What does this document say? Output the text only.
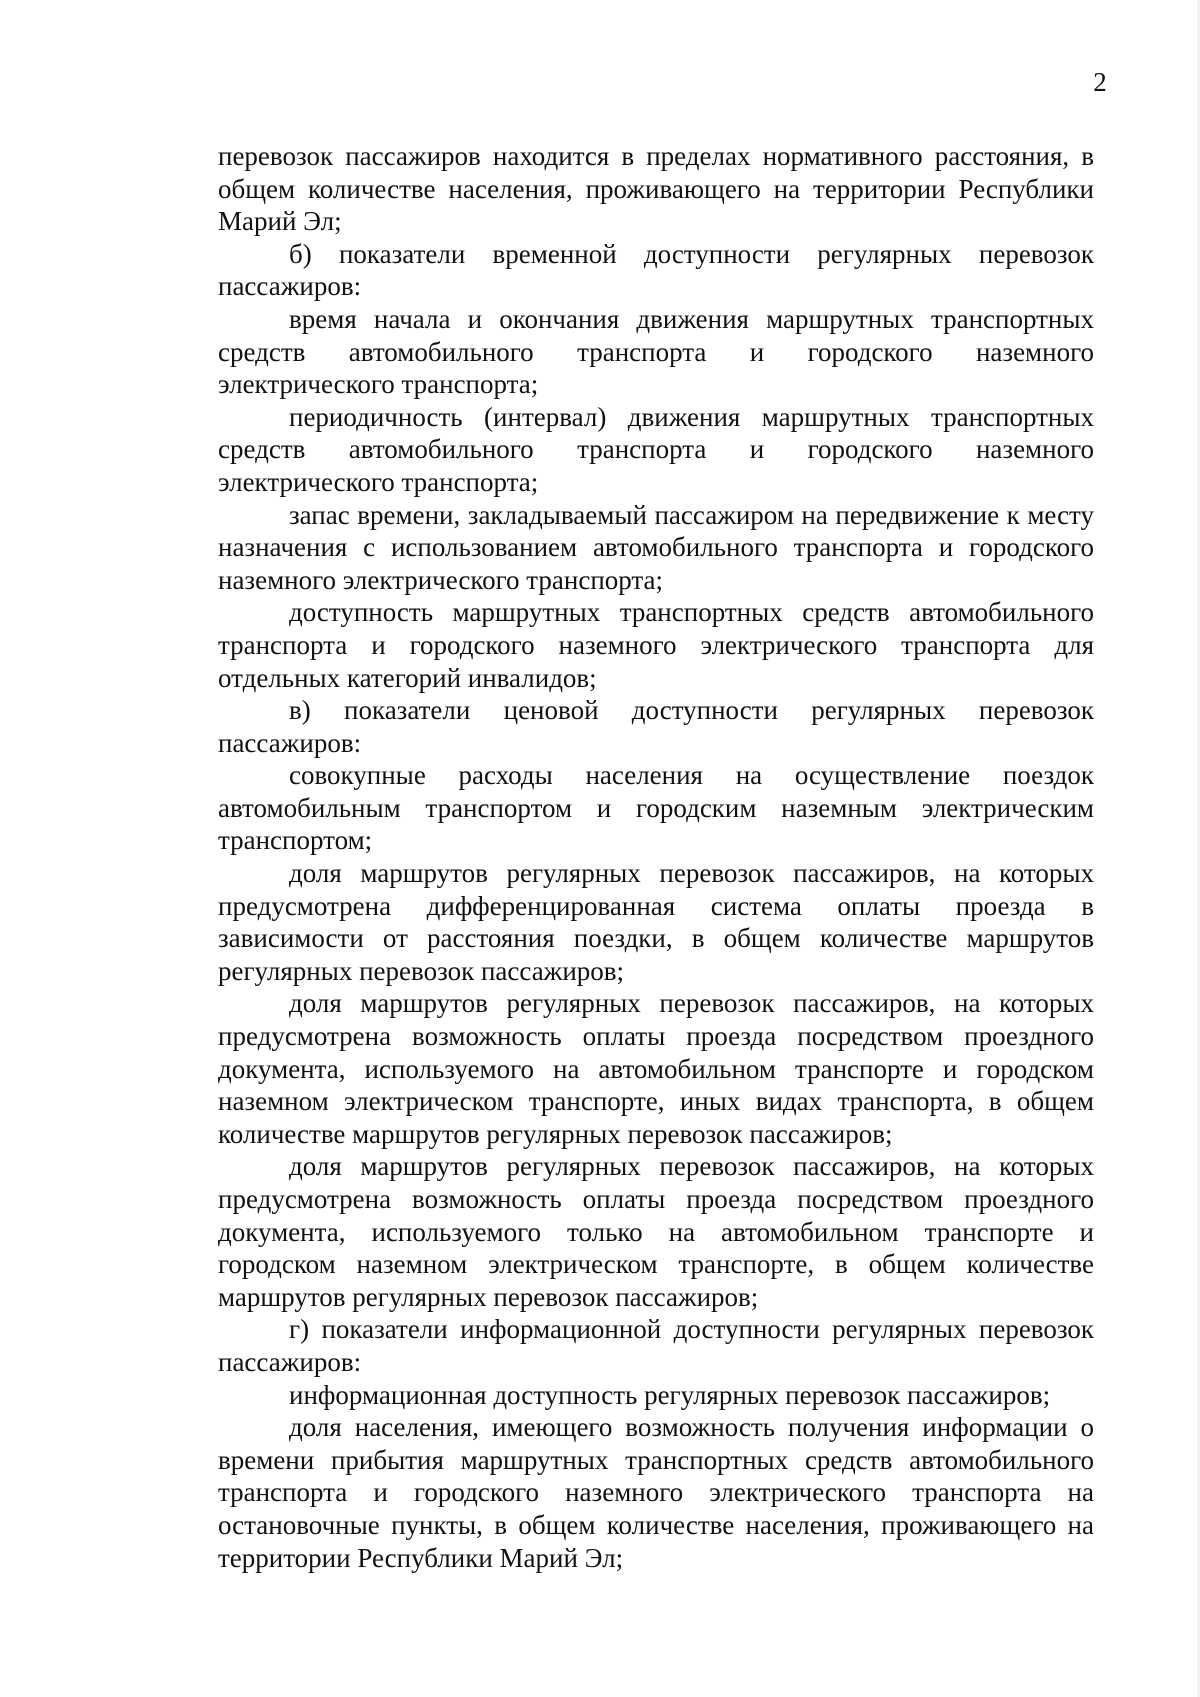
2

перевозок пассажиров находится в пределах нормативного расстояния, в общем количестве населения, проживающего на территории Республики Марий Эл;

б) показатели временной доступности регулярных перевозок пассажиров:

время начала и окончания движения маршрутных транспортных средств автомобильного транспорта и городского наземного электрического транспорта;

периодичность (интервал) движения маршрутных транспортных средств автомобильного транспорта и городского наземного электрического транспорта;

запас времени, закладываемый пассажиром на передвижение к месту назначения с использованием автомобильного транспорта и городского наземного электрического транспорта;

доступность маршрутных транспортных средств автомобильного транспорта и городского наземного электрического транспорта для отдельных категорий инвалидов;

в) показатели ценовой доступности регулярных перевозок пассажиров:

совокупные расходы населения на осуществление поездок автомобильным транспортом и городским наземным электрическим транспортом;

доля маршрутов регулярных перевозок пассажиров, на которых предусмотрена дифференцированная система оплаты проезда в зависимости от расстояния поездки, в общем количестве маршрутов регулярных перевозок пассажиров;

доля маршрутов регулярных перевозок пассажиров, на которых предусмотрена возможность оплаты проезда посредством проездного документа, используемого на автомобильном транспорте и городском наземном электрическом транспорте, иных видах транспорта, в общем количестве маршрутов регулярных перевозок пассажиров;

доля маршрутов регулярных перевозок пассажиров, на которых предусмотрена возможность оплаты проезда посредством проездного документа, используемого только на автомобильном транспорте и городском наземном электрическом транспорте, в общем количестве маршрутов регулярных перевозок пассажиров;

г) показатели информационной доступности регулярных перевозок пассажиров:

информационная доступность регулярных перевозок пассажиров;

доля населения, имеющего возможность получения информации о времени прибытия маршрутных транспортных средств автомобильного транспорта и городского наземного электрического транспорта на остановочные пункты, в общем количестве населения, проживающего на территории Республики Марий Эл;
